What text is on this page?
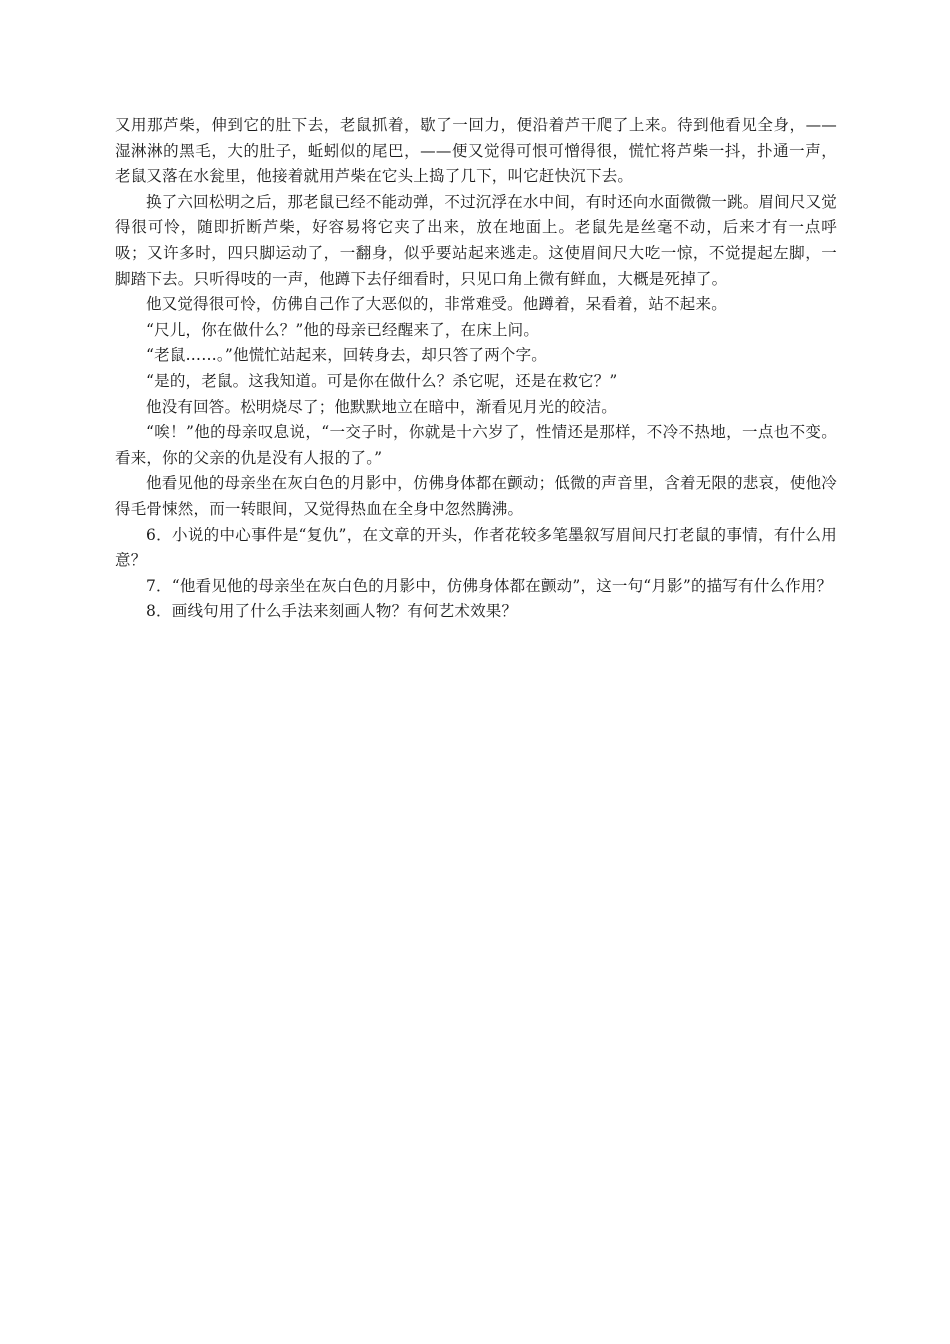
又用那芦柴，伸到它的肚下去，老鼠抓着，歇了一回力，便沿着芦干爬了上来。待到他看见全身，——湿淋淋的黑毛，大的肚子，蚯蚓似的尾巴，——便又觉得可恨可憎得很，慌忙将芦柴一抖，扑通一声，老鼠又落在水瓮里，他接着就用芦柴在它头上捣了几下，叫它赶快沉下去。

换了六回松明之后，那老鼠已经不能动弹，不过沉浮在水中间，有时还向水面微微一跳。眉间尺又觉得很可怜，随即折断芦柴，好容易将它夹了出来，放在地面上。老鼠先是丝毫不动，后来才有一点呼吸；又许多时，四只脚运动了，一翻身，似乎要站起来逃走。这使眉间尺大吃一惊，不觉提起左脚，一脚踏下去。只听得吱的一声，他蹲下去仔细看时，只见口角上微有鲜血，大概是死掉了。

他又觉得很可怜，仿佛自己作了大恶似的，非常难受。他蹲着，呆看着，站不起来。

“尺儿，你在做什么？”他的母亲已经醒来了，在床上问。

“老鼠……。”他慌忙站起来，回转身去，却只答了两个字。

“是的，老鼠。这我知道。可是你在做什么？杀它呢，还是在救它？”

他没有回答。松明烧尽了；他默默地立在暗中，渐看见月光的皎洁。

“唉！”他的母亲叹息说，“一交子时，你就是十六岁了，性情还是那样，不冷不热地，一点也不变。看来，你的父亲的仇是没有人报的了。”

他看见他的母亲坐在灰白色的月影中，仿佛身体都在颤动；低微的声音里，含着无限的悲哀，使他冷得毛骨悚然，而一转眼间，又觉得热血在全身中忽然腾沸。

6．小说的中心事件是“复仇”，在文章的开头，作者花较多笔墨叙写眉间尺打老鼠的事情，有什么用意？

7．“他看见他的母亲坐在灰白色的月影中，仿佛身体都在颤动”，这一句“月影”的描写有什么作用？

8．画线句用了什么手法来刻画人物？有何艺术效果？
